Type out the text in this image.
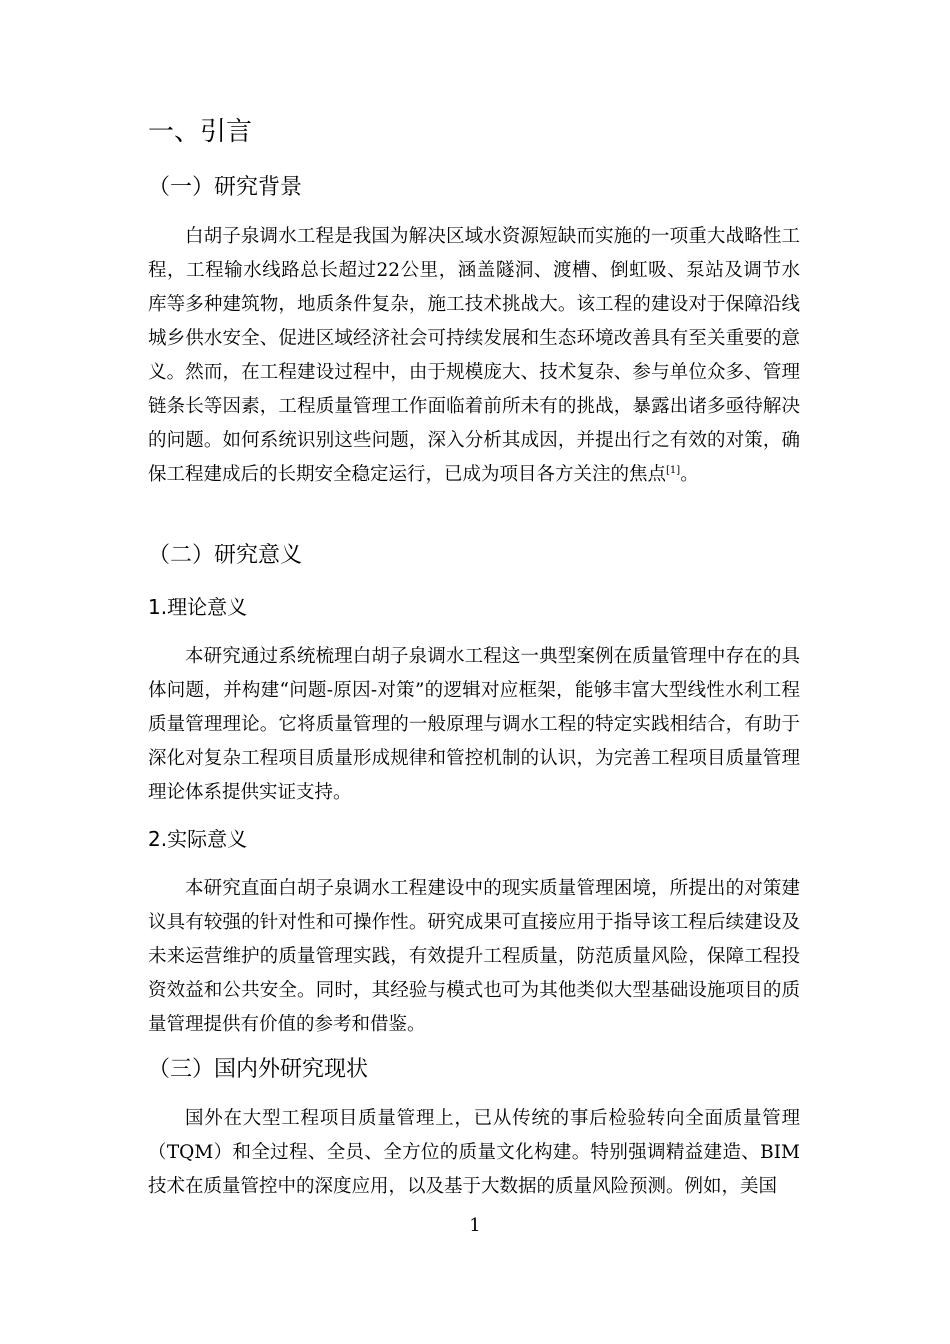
一、引言
（一）研究背景

白胡子泉调水工程是我国为解决区域水资源短缺而实施的一项重大战略性工程，工程输水线路总长超过22公里，涵盖隧洞、渡槽、倒虹吸、泵站及调节水库等多种建筑物，地质条件复杂，施工技术挑战大。该工程的建设对于保障沿线城乡供水安全、促进区域经济社会可持续发展和生态环境改善具有至关重要的意义。然而，在工程建设过程中，由于规模庞大、技术复杂、参与单位众多、管理链条长等因素，工程质量管理工作面临着前所未有的挑战，暴露出诸多亟待解决的问题。如何系统识别这些问题，深入分析其成因，并提出行之有效的对策，确保工程建成后的长期安全稳定运行，已成为项目各方关注的焦点[1]。

（二）研究意义
1.理论意义

本研究通过系统梳理白胡子泉调水工程这一典型案例在质量管理中存在的具体问题，并构建“问题-原因-对策”的逻辑对应框架，能够丰富大型线性水利工程质量管理理论。它将质量管理的一般原理与调水工程的特定实践相结合，有助于深化对复杂工程项目质量形成规律和管控机制的认识，为完善工程项目质量管理理论体系提供实证支持。

2.实际意义

本研究直面白胡子泉调水工程建设中的现实质量管理困境，所提出的对策建议具有较强的针对性和可操作性。研究成果可直接应用于指导该工程后续建设及未来运营维护的质量管理实践，有效提升工程质量，防范质量风险，保障工程投资效益和公共安全。同时，其经验与模式也可为其他类似大型基础设施项目的质量管理提供有价值的参考和借鉴。

（三）国内外研究现状

国外在大型工程项目质量管理上，已从传统的事后检验转向全面质量管理（TQM）和全过程、全员、全方位的质量文化构建。特别强调精益建造、BIM技术在质量管控中的深度应用，以及基于大数据的质量风险预测。例如，美国

1
